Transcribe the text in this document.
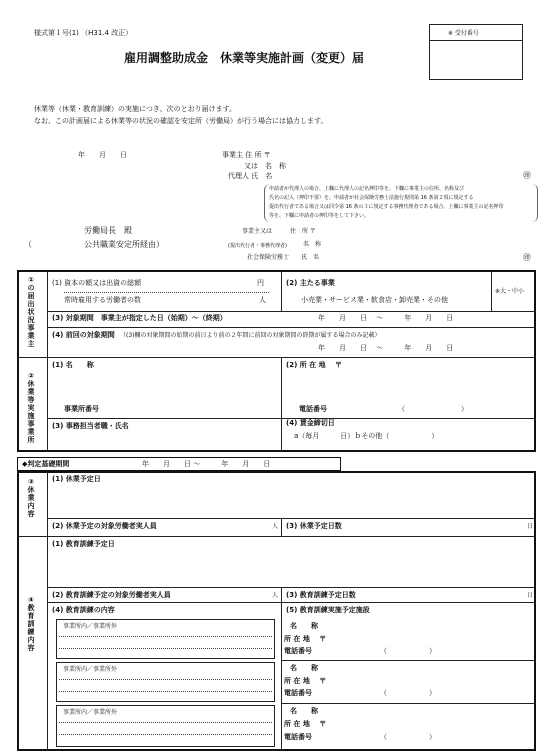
様式第１号(1) （H31.4 改正）	※ 受付番号
雇用調整助成金　休業等実施計画（変更）届
休業等（休業・教育訓練）の実施につき、次のとおり届けます。
なお、この計画届による休業等の状況の確認を安定所（労働局）が行う場合には協力します。
年　　月　　日	事業主 住 所 〒
又は　名　称
代理人 氏　名	㊞
申請者が代理人の場合、上欄に代理人の記名押印等を、下欄に事業主の住所、名称及び
氏名の記入（押印不要）を、申請者が社会保険労務士法施行規則第 16 条第２項に規定する
提出代行者である場合又は同令第 16 条の３に規定する事務代理者である場合、上欄に事業主の記名押印
等を、下欄に申請者の押印等をして下さい。
労働局長　殿
（	公共職業安定所経由）
事業主又は　　　住　所 〒
(提出代行者・事務代理者)	名　称
社会保険労務士　　氏　名	㊞
①の届出状況事業主
(1) 資本の額又は出資の総額	円
常時雇用する労働者の数	人
(2) 主たる事業
小売業・サービス業・飲食店・卸売業・その他
※大・中小
(3) 対象期間　事業主が指定した日（始期）～（終期）	年　　月　　日　 ～　　　年　　月　　日
(4) 前回の対象期間 （(3)欄の対象期間の始期の前日より前の２年間に前回の対象期間の終期が属する場合のみ記載）
年　　月　　日　 ～　　　年　　月　　日
②休業等実施事業所
(1) 名　　称	(2) 所 在 地　 〒
事業所番号	電話番号	（　　　　　　　　）
(3) 事務担当者職・氏名	(4) 賃金締切日
a（毎月　　　日）ｂその他（　　　　　　）
◆判定基礎期間	年　　月　　日 ～　　　年　　月　　日
③休業内容
(1) 休業予定日
(2) 休業予定の対象労働者実人員	人 (3) 休業予定日数	日
④教育訓練内容
(1) 教育訓練予定日
(2) 教育訓練予定の対象労働者実人員	人 (3) 教育訓練予定日数	日
(4) 教育訓練の内容	(5) 教育訓練実施予定施設
事業所内／事業所外	名　　称
所 在 地　 〒
電話番号	（　　　　　　）
事業所内／事業所外	名　　称
所 在 地　 〒
電話番号	（　　　　　　）
事業所内／事業所外	名　　称
所 在 地　 〒
電話番号	（　　　　　　）
